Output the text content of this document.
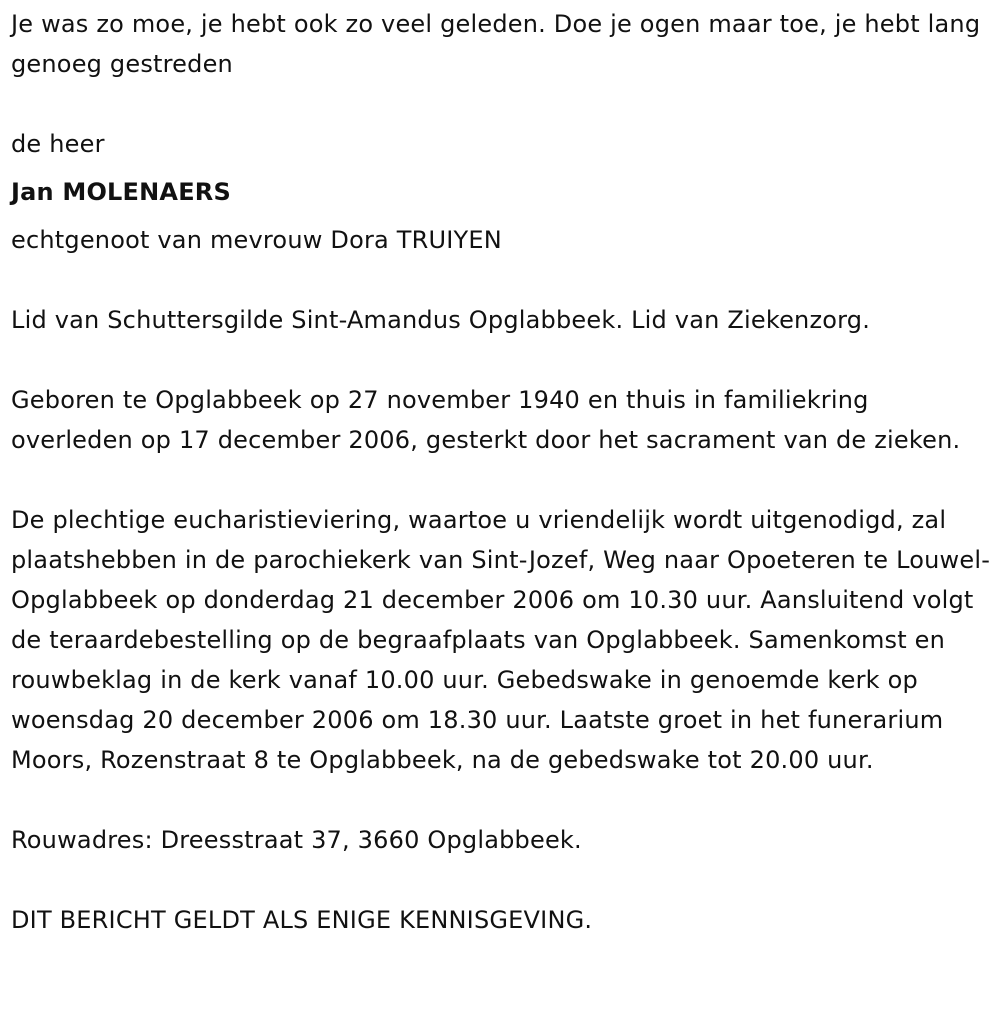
Je was zo moe, je hebt ook zo veel geleden. Doe je ogen maar toe, je hebt lang genoeg gestreden

de heer

Jan MOLENAERS

echtgenoot van mevrouw Dora TRUIYEN

Lid van Schuttersgilde Sint-Amandus Opglabbeek. Lid van Ziekenzorg.

Geboren te Opglabbeek op 27 november 1940 en thuis in familiekring overleden op 17 december 2006, gesterkt door het sacrament van de zieken.

De plechtige eucharistieviering, waartoe u vriendelijk wordt uitgenodigd, zal plaatshebben in de parochiekerk van Sint-Jozef, Weg naar Opoeteren te Louwel-Opglabbeek op donderdag 21 december 2006 om 10.30 uur. Aansluitend volgt de teraardebestelling op de begraafplaats van Opglabbeek. Samenkomst en rouwbeklag in de kerk vanaf 10.00 uur. Gebedswake in genoemde kerk op woensdag 20 december 2006 om 18.30 uur. Laatste groet in het funerarium Moors, Rozenstraat 8 te Opglabbeek, na de gebedswake tot 20.00 uur.

Rouwadres: Dreesstraat 37, 3660 Opglabbeek.

DIT BERICHT GELDT ALS ENIGE KENNISGEVING.
